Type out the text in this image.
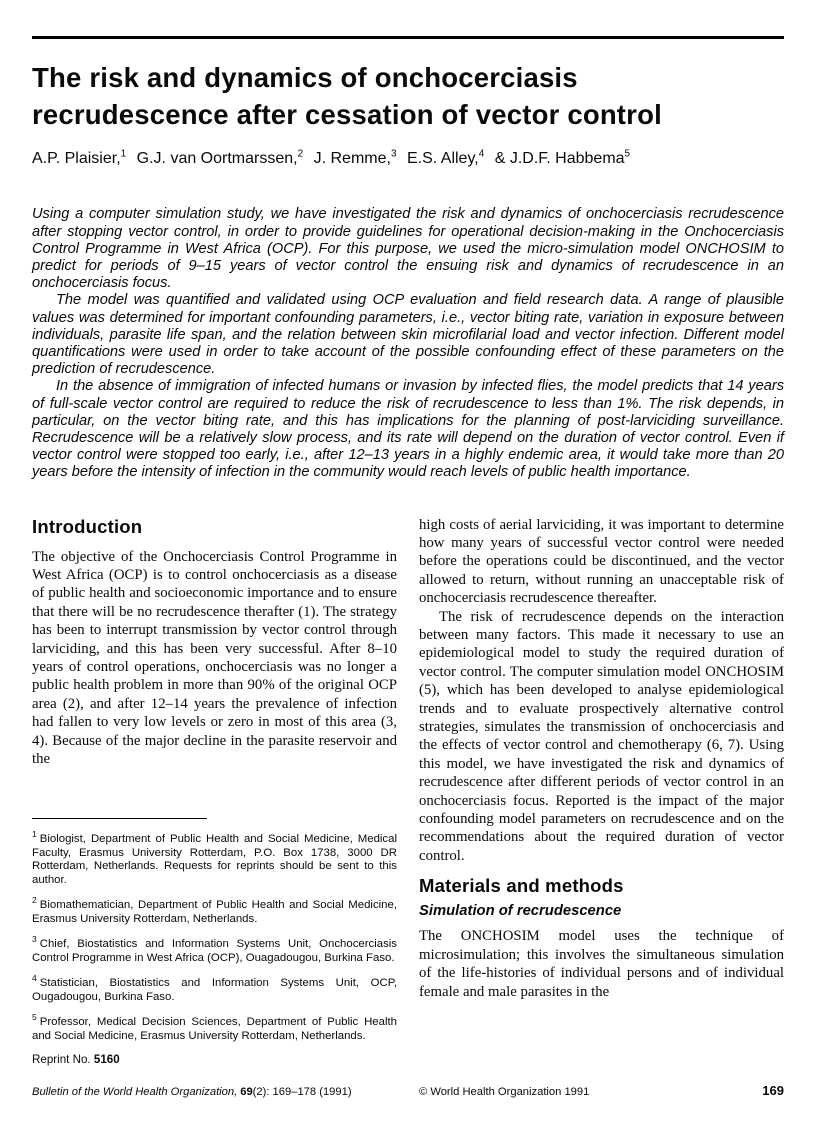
The risk and dynamics of onchocerciasis
recrudescence after cessation of vector control
A.P. Plaisier,$^1$ G.J. van Oortmarssen,$^2$ J. Remme,$^3$ E.S. Alley,$^4$ & J.D.F. Habbema$^5$

Using a computer simulation study, we have investigated the risk and dynamics of onchocerciasis recrudescence after stopping vector control, in order to provide guidelines for operational decision-making in the Onchocerciasis Control Programme in West Africa (OCP). For this purpose, we used the micro-simulation model ONCHOSIM to predict for periods of 9–15 years of vector control the ensuing risk and dynamics of recrudescence in an onchocerciasis focus.

The model was quantified and validated using OCP evaluation and field research data. A range of plausible values was determined for important confounding parameters, i.e., vector biting rate, variation in exposure between individuals, parasite life span, and the relation between skin microfilarial load and vector infection. Different model quantifications were used in order to take account of the possible confounding effect of these parameters on the prediction of recrudescence.

In the absence of immigration of infected humans or invasion by infected flies, the model predicts that 14 years of full-scale vector control are required to reduce the risk of recrudescence to less than 1%. The risk depends, in particular, on the vector biting rate, and this has implications for the planning of post-larviciding surveillance. Recrudescence will be a relatively slow process, and its rate will depend on the duration of vector control. Even if vector control were stopped too early, i.e., after 12–13 years in a highly endemic area, it would take more than 20 years before the intensity of infection in the community would reach levels of public health importance.

Introduction

The objective of the Onchocerciasis Control Programme in West Africa (OCP) is to control onchocerciasis as a disease of public health and socioeconomic importance and to ensure that there will be no recrudescence therafter (1). The strategy has been to interrupt transmission by vector control through larviciding, and this has been very successful. After 8–10 years of control operations, onchocerciasis was no longer a public health problem in more than 90% of the original OCP area (2), and after 12–14 years the prevalence of infection had fallen to very low levels or zero in most of this area (3, 4). Because of the major decline in the parasite reservoir and the

$^1$ Biologist, Department of Public Health and Social Medicine, Medical Faculty, Erasmus University Rotterdam, P.O. Box 1738, 3000 DR Rotterdam, Netherlands. Requests for reprints should be sent to this author.

$^2$ Biomathematician, Department of Public Health and Social Medicine, Erasmus University Rotterdam, Netherlands.

$^3$ Chief, Biostatistics and Information Systems Unit, Onchocerciasis Control Programme in West Africa (OCP), Ouagadougou, Burkina Faso.

$^4$ Statistician, Biostatistics and Information Systems Unit, OCP, Ougadougou, Burkina Faso.

$^5$ Professor, Medical Decision Sciences, Department of Public Health and Social Medicine, Erasmus University Rotterdam, Netherlands.

Reprint No. 5160

high costs of aerial larviciding, it was important to determine how many years of successful vector control were needed before the operations could be discontinued, and the vector allowed to return, without running an unacceptable risk of onchocerciasis recrudescence thereafter.

The risk of recrudescence depends on the interaction between many factors. This made it necessary to use an epidemiological model to study the required duration of vector control. The computer simulation model ONCHOSIM (5), which has been developed to analyse epidemiological trends and to evaluate prospectively alternative control strategies, simulates the transmission of onchocerciasis and the effects of vector control and chemotherapy (6, 7). Using this model, we have investigated the risk and dynamics of recrudescence after different periods of vector control in an onchocerciasis focus. Reported is the impact of the major confounding model parameters on recrudescence and on the recommendations about the required duration of vector control.

Materials and methods
Simulation of recrudescence

The ONCHOSIM model uses the technique of microsimulation; this involves the simultaneous simulation of the life-histories of individual persons and of individual female and male parasites in the

Bulletin of the World Health Organization, 69(2): 169–178 (1991)	© World Health Organization 1991	169
